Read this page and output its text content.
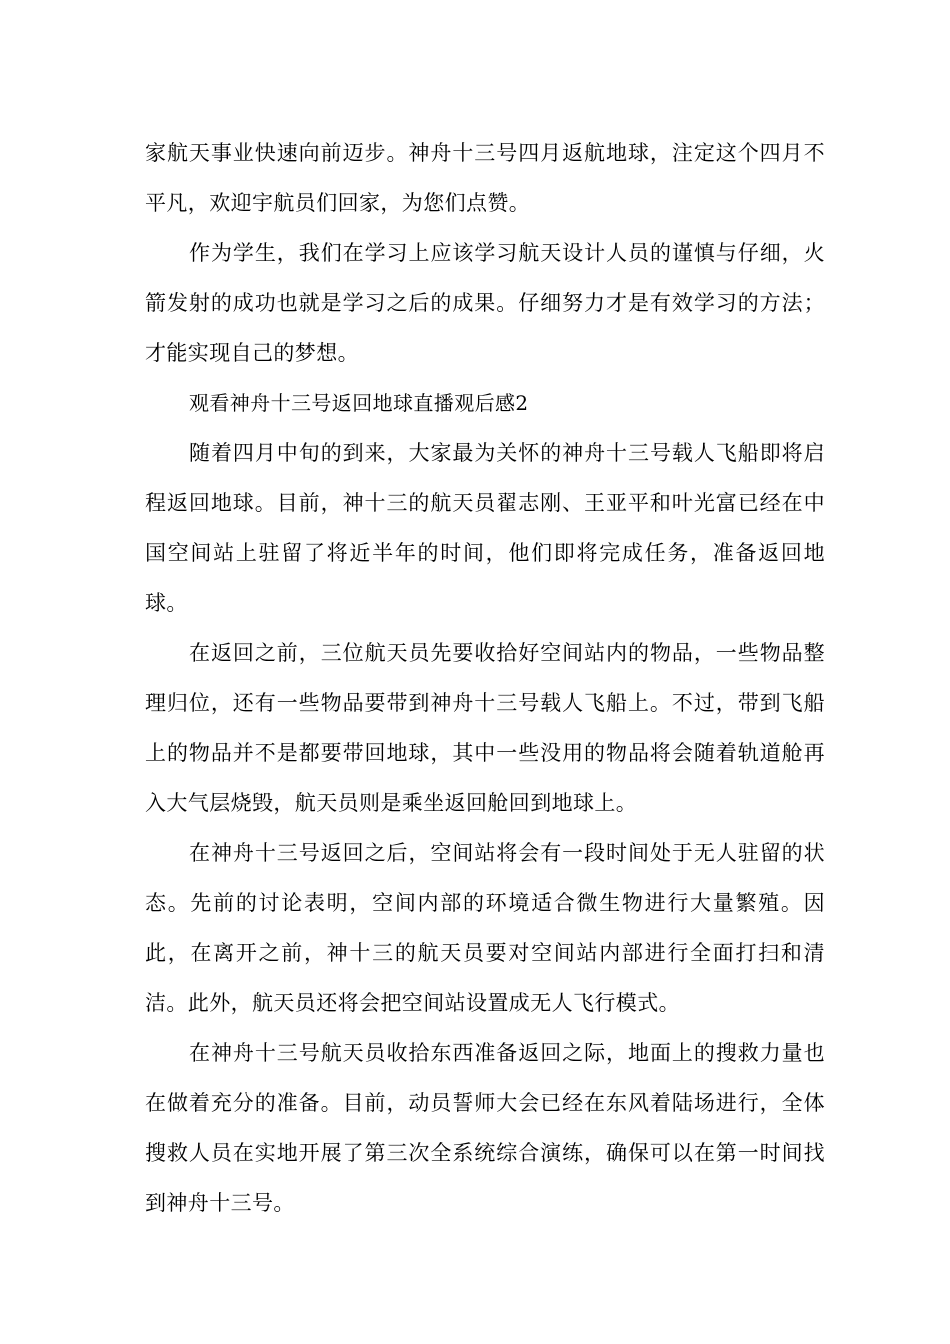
家航天事业快速向前迈步。神舟十三号四月返航地球，注定这个四月不平凡，欢迎宇航员们回家，为您们点赞。

作为学生，我们在学习上应该学习航天设计人员的谨慎与仔细，火箭发射的成功也就是学习之后的成果。仔细努力才是有效学习的方法；才能实现自己的梦想。

观看神舟十三号返回地球直播观后感2

随着四月中旬的到来，大家最为关怀的神舟十三号载人飞船即将启程返回地球。目前，神十三的航天员翟志刚、王亚平和叶光富已经在中国空间站上驻留了将近半年的时间，他们即将完成任务，准备返回地球。

在返回之前，三位航天员先要收拾好空间站内的物品，一些物品整理归位，还有一些物品要带到神舟十三号载人飞船上。不过，带到飞船上的物品并不是都要带回地球，其中一些没用的物品将会随着轨道舱再入大气层烧毁，航天员则是乘坐返回舱回到地球上。

在神舟十三号返回之后，空间站将会有一段时间处于无人驻留的状态。先前的讨论表明，空间内部的环境适合微生物进行大量繁殖。因此，在离开之前，神十三的航天员要对空间站内部进行全面打扫和清洁。此外，航天员还将会把空间站设置成无人飞行模式。

在神舟十三号航天员收拾东西准备返回之际，地面上的搜救力量也在做着充分的准备。目前，动员誓师大会已经在东风着陆场进行，全体搜救人员在实地开展了第三次全系统综合演练，确保可以在第一时间找到神舟十三号。
